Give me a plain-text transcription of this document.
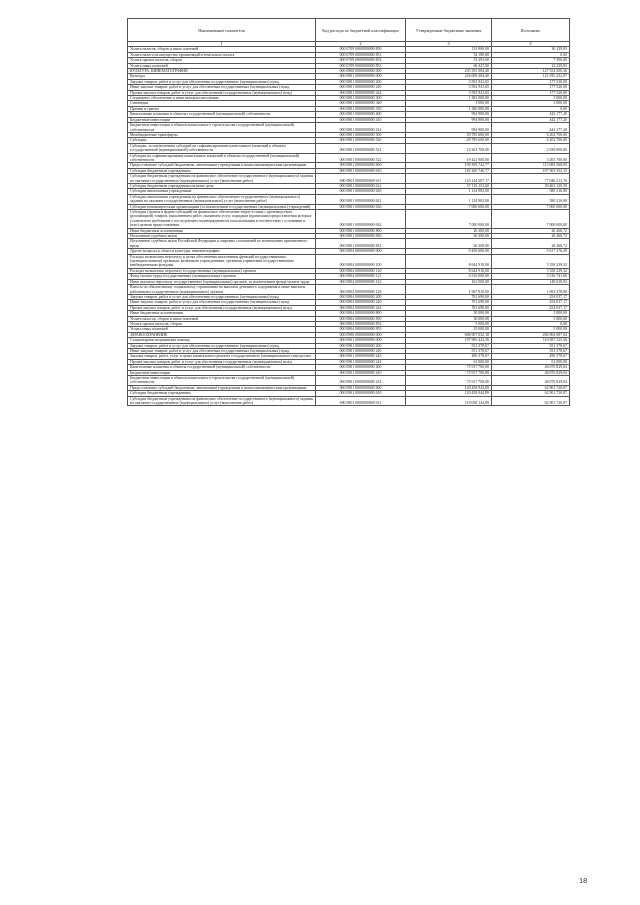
Наименование показателя	Код расхода по бюджетной классификации	Утвержденные бюджетные значения	Исполнено
1	2	3	4
Уплата налогов, сборов и иных платежей	000 0709 0000000000 850	133 900,00	30 139,83
Уплата налога на имущество организаций и земельного налога	000 0709 0000000000 851	54 180,00	0,00
Уплата прочих налогов, сборов	000 0709 0000000000 852	13 293,00	7 500,00
Уплата иных платежей	000 0709 0000000000 853	66 427,00	22 239,83
КУЛЬТУРА, КИНЕМАТОГРАФИЯ	000 0800 0000000000 000	235 355 084,40	127 552 500,36
Культура	000 0801 0000000000 000	226 008 484,40	121 935 232,87
Закупка товаров, работ и услуг для обеспечения государственных (муниципальных) нужд	000 0801 0000000000 200	3 592 941,65	177 520,00
Иные закупки товаров, работ и услуг для обеспечения государственных (муниципальных) нужд	000 0801 0000000000 240	3 592 941,65	177 520,00
Прочая закупка товаров, работ и услуг для обеспечения государственных (муниципальных) нужд	000 0801 0000000000 244	3 592 941,65	177 520,00
Социальное обеспечение и иные выплаты населению	000 0801 0000000000 300	1 383 000,00	3 000,00
Стипендии	000 0801 0000000000 340	3 000,00	3 000,00
Премии и гранты	000 0801 0000000000 350	1 380 000,00	0,00
Капитальные вложения в объекты государственной (муниципальной) собственности	000 0801 0000000000 400	994 900,00	442 177,20
Бюджетные инвестиции	000 0801 0000000000 410	994 900,00	442 177,20
Бюджетные инвестиции в объекты капитального строительства государственной (муниципальной) собственности	000 0801 0000000000 414	994 900,00	442 177,20
Межбюджетные трансферты	000 0801 0000000000 500	29 785 600,00	6 202 700,00
Субсидии	000 0801 0000000000 520	29 785 600,00	6 202 700,00
Субсидии, за исключением субсидий на софинансирование капитальных вложений в объекты государственной (муниципальной) собственности	000 0801 0000000000 521	10 363 700,00	2 939 000,00
Субсидии на софинансирование капитальных вложений в объекты государственной (муниципальной) собственности	000 0801 0000000000 522	19 421 900,00	3 263 700,00
Предоставление субсидий бюджетным, автономным учреждениям и иным некоммерческим организациям	000 0801 0000000000 600	190 395 722,77	115 083 568,95
Субсидии бюджетным учреждениям	000 0801 0000000000 610	182 260 740,77	107 503 352,15
Субсидии бюджетным учреждениям на финансовое обеспечение государственного (муниципального) задания на оказание государственных (муниципальных) услуг (выполнение работ)	000 0801 0000000000 611	125 144 587,17	77 040 212,76
Субсидии бюджетным учреждениям на иные цели	000 0801 0000000000 612	57 116 153,60	30 463 139,39
Субсидии автономным учреждениям	000 0801 0000000000 620	1 134 982,00	580 216,80
Субсидии автономным учреждениям на финансовое обеспечение государственного (муниципального) задания на оказание государственных (муниципальных) услуг (выполнение работ)	000 0801 0000000000 621	1 134 982,00	580 216,80
Субсидии некоммерческим организациям (за исключением государственных (муниципальных) учреждений)	000 0801 0000000000 630	7 000 000,00	7 000 000,00
Субсидии (гранты в форме субсидий) на финансовое обеспечение затрат в связи с производством (реализацией) товаров, выполнением работ, оказанием услуг, порядком (правилами) предоставления которых установлено требование о последующем подтверждении их использования в соответствии с условиями и (или) целями предоставления	000 0801 0000000000 632	7 000 000,00	7 000 000,00
Иные бюджетные ассигнования	000 0801 0000000000 800	26 300,00	26 266,72
Исполнение судебных актов	000 0801 0000000000 830	26 300,00	26 266,72
Исполнение судебных актов Российской Федерации и мировых соглашений по возмещению причиненного вреда	000 0801 0000000000 831	26 300,00	26 266,72
Другие вопросы в области культуры, кинематографии	000 0804 0000000000 000	9 456 600,00	5 617 276,49
Расходы на выплаты персоналу в целях обеспечения выполнения функций государственными (муниципальными) органами, казенными учреждениями, органами управления государственными внебюджетными фондами	000 0804 0000000000 100	8 644 910,00	5 358 239,32
Расходы на выплаты персоналу государственных (муниципальных) органов	000 0804 0000000000 120	8 644 910,00	5 358 239,32
Фонд оплаты труда государственных (муниципальных) органов	000 0804 0000000000 121	6 516 000,00	3 516 741,60
Иные выплаты персоналу государственных (муниципальных) органов, за исключением фонда оплаты труда	000 0804 0000000000 122	161 000,00	148 018,92
Взносы по обязательному социальному страхованию на выплаты денежного содержания и иные выплаты работникам государственных (муниципальных) органов	000 0804 0000000000 129	1 967 910,00	1 693 478,80
Закупка товаров, работ и услуг для обеспечения государственных (муниципальных) нужд	000 0804 0000000000 200	781 690,00	254 037,17
Иные закупки товаров, работ и услуг для обеспечения государственных (муниципальных) нужд	000 0804 0000000000 240	781 690,00	254 037,17
Прочая закупка товаров, работ и услуг для обеспечения государственных (муниципальных) нужд	000 0804 0000000000 244	781 690,00	254 037,17
Иные бюджетные ассигнования	000 0804 0000000000 800	30 000,00	5 000,00
Уплата налогов, сборов и иных платежей	000 0804 0000000000 850	30 000,00	5 000,00
Уплата прочих налогов, сборов	000 0804 0000000000 852	5 000,00	0,00
Уплата иных платежей	000 0804 0000000000 853	25 000,00	5 000,00
ЗДРАВООХРАНЕНИЕ	000 0900 0000000000 000	686 907 032,18	284 904 087,04
Стационарная медицинская помощь	000 0901 0000000000 000	197 985 423,56	110 587 325,56
Закупка товаров, работ и услуг для обеспечения государственных (муниципальных) нужд	000 0901 0000000000 200	551 378,67	551 378,67
Иные закупки товаров, работ и услуг для обеспечения государственных (муниципальных) нужд	000 0901 0000000000 240	551 378,67	551 378,67
Закупка товаров, работ, услуг в целях капитального ремонта государственного (муниципального) имущества	000 0901 0000000000 243	490 378,67	490 378,67
Прочая закупка товаров, работ и услуг для обеспечения государственных (муниципальных) нужд	000 0901 0000000000 244	61 000,00	61 000,00
Капитальные вложения в объекты государственной (муниципальной) собственности	000 0901 0000000000 400	75 917 700,00	46 076 829,04
Бюджетные инвестиции	000 0901 0000000000 410	75 917 700,00	46 076 829,04
Бюджетные инвестиции в объекты капитального строительства государственной (муниципальной) собственности	000 0901 0000000000 414	75 917 700,00	46 076 829,04
Предоставление субсидий бюджетным, автономным учреждениям и иным некоммерческим организациям	000 0901 0000000000 600	120 458 944,89	62 901 720,87
Субсидии бюджетным учреждениям	000 0901 0000000000 610	120 458 944,89	62 901 720,87
Субсидии бюджетным учреждениям на финансовое обеспечение государственного (муниципального) задания на оказание государственных (муниципальных) услуг (выполнение работ)	000 0901 0000000000 611	119 038 144,89	62 901 720,87
18
